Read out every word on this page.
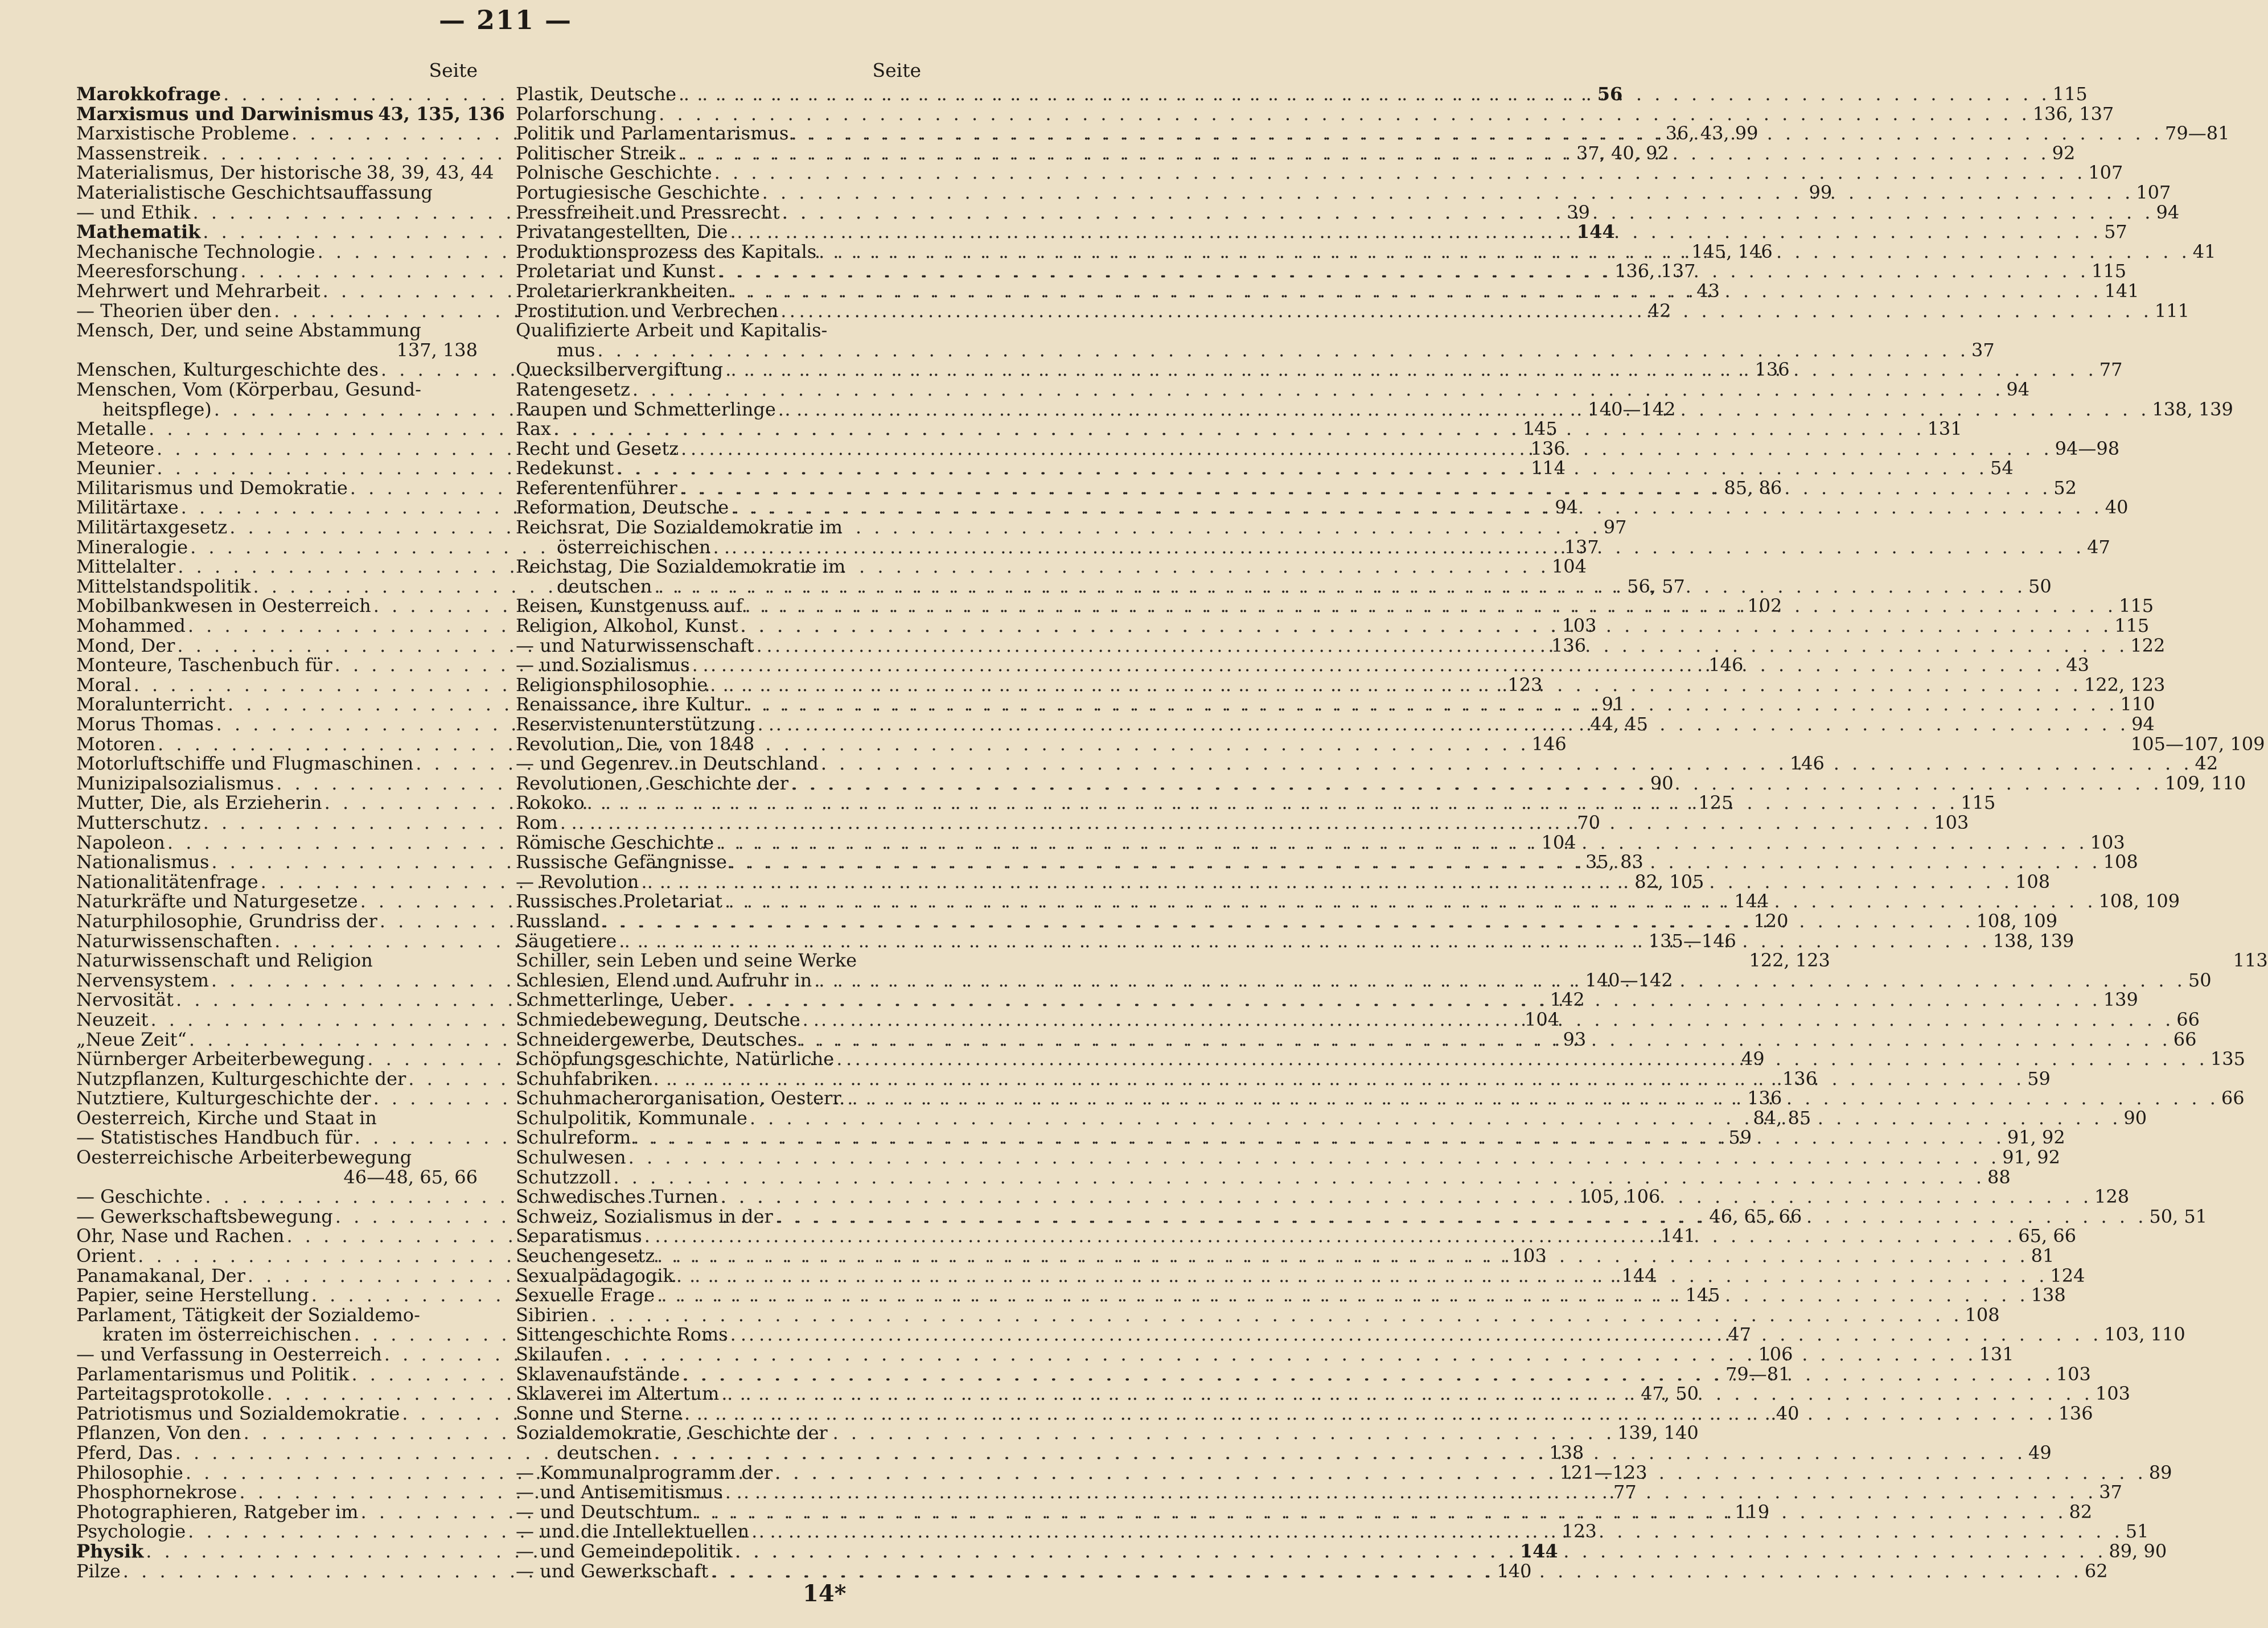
— 211 —
Seite
Marokkofrage . . .	56
Marxismus und Darwinismus 43, 135, 136
Marxistische Probleme . . .	36, 43, 99
Massenstreik . . .	37, 40, 92
Materialismus, Der historische 38, 39, 43, 44
Materialistische Geschichtsauffassung	99
— und Ethik . . .	39
Mathematik . . .	144
Mechanische Technologie . . .	145, 146
Meeresforschung . . .	136, 137
Mehrwert und Mehrarbeit . . .	43
— Theorien über den . . .	42
Mensch, Der, und seine Abstammung
137, 138
Menschen, Kulturgeschichte des . . .	136
Menschen, Vom (Körperbau, Gesund-
heitspflege) . . .	140—142
Metalle . . .	145
Meteore . . .	136
Meunier . . .	114
Militarismus und Demokratie . . .	85, 86
Militärtaxe . . .	94
Militärtaxgesetz . . .	97
Mineralogie . . .	137
Mittelalter . . .	104
Mittelstandspolitik . . .	56, 57
Mobilbankwesen in Oesterreich . . .	102
Mohammed . . .	103
Mond, Der . . .	136
Monteure, Taschenbuch für . . .	146
Moral . . .	123
Moralunterricht . . .	91
Morus Thomas . . .	44, 45
Motoren . . .	146
Motorluftschiffe und Flugmaschinen . . .	146
Munizipalsozialismus . . .	90
Mutter, Die, als Erzieherin . . .	125
Mutterschutz . . .	70
Napoleon . . .	104
Nationalismus . . .	35, 83
Nationalitätenfrage . . .	82, 105
Naturkräfte und Naturgesetze . . .	144
Naturphilosophie, Grundriss der . . .	120
Naturwissenschaften . . .	135—146
Naturwissenschaft und Religion	122, 123
Nervensystem . . .	140—142
Nervosität . . .	142
Neuzeit . . .	104
„Neue Zeit“ . . .	93
Nürnberger Arbeiterbewegung . . .	49
Nutzpflanzen, Kulturgeschichte der . . .	136
Nutztiere, Kulturgeschichte der . . .	136
Oesterreich, Kirche und Staat in	84, 85
— Statistisches Handbuch für . . .	59
Oesterreichische Arbeiterbewegung
46—48, 65, 66
— Geschichte . . .	105, 106
— Gewerkschaftsbewegung . . .	46, 65, 66
Ohr, Nase und Rachen . . .	141
Orient . . .	103
Panamakanal, Der . . .	144
Papier, seine Herstellung . . .	145
Parlament, Tätigkeit der Sozialdemo-
kraten im österreichischen . . .	47
— und Verfassung in Oesterreich . . .	106
Parlamentarismus und Politik . . .	79—81
Parteitagsprotokolle . . .	47, 50
Patriotismus und Sozialdemokratie . . .	40
Pflanzen, Von den . . .	139, 140
Pferd, Das . . .	138
Philosophie . . .	121—123
Phosphornekrose . . .	77
Photographieren, Ratgeber im . . .	119
Psychologie . . .	123
Physik . . .	144
Pilze . . .	140
Seite
Plastik, Deutsche . . .	115
Polarforschung . . .	136, 137
Politik und Parlamentarismus . . .	79—81
Politischer Streik . . .	92
Polnische Geschichte . . .	107
Portugiesische Geschichte . . .	107
Pressfreiheit und Pressrecht . . .	94
Privatangestellten, Die . . .	57
Produktionsprozess des Kapitals . . .	41
Proletariat und Kunst . . .	115
Proletarierkrankheiten . . .	141
Prostitution und Verbrechen . . .	111
Qualifizierte Arbeit und Kapitalis-
mus . . .	37
Quecksilbervergiftung . . .	77
Ratengesetz . . .	94
Raupen und Schmetterlinge . . .	138, 139
Rax . . .	131
Recht und Gesetz . . .	94—98
Redekunst . . .	54
Referentenführer . . .	52
Reformation, Deutsche . . .	40
Reichsrat, Die Sozialdemokratie im
österreichischen . . .	47
Reichstag, Die Sozialdemokratie im
deutschen . . .	50
Reisen, Kunstgenuss auf . . .	115
Religion, Alkohol, Kunst . . .	115
— und Naturwissenschaft . . .	122
— und Sozialismus . . .	43
Religionsphilosophie . . .	122, 123
Renaissance, ihre Kultur . . .	110
Reservistenunterstützung . . .	94
Revolution, Die, von 1848	105—107, 109
— und Gegenrev. in Deutschland . . .	42
Revolutionen, Geschichte der . . .	109, 110
Rokoko . . .	115
Rom . . .	103
Römische Geschichte . . .	103
Russische Gefängnisse . . .	108
— Revolution . . .	108
Russisches Proletariat . . .	108, 109
Russland . . .	108, 109
Säugetiere . . .	138, 139
Schiller, sein Leben und seine Werke	113
Schlesien, Elend und Aufruhr in . . .	50
Schmetterlinge, Ueber . . .	139
Schmiedebewegung, Deutsche . . .	66
Schneidergewerbe, Deutsches . . .	66
Schöpfungsgeschichte, Natürliche . . .	135
Schuhfabriken . . .	59
Schuhmacherorganisation, Oesterr. . . .	66
Schulpolitik, Kommunale . . .	90
Schulreform . . .	91, 92
Schulwesen . . .	91, 92
Schutzzoll . . .	88
Schwedisches Turnen . . .	128
Schweiz, Sozialismus in der . . .	50, 51
Separatismus . . .	65, 66
Seuchengesetz . . .	81
Sexualpädagogik . . .	124
Sexuelle Frage . . .	138
Sibirien . . .	108
Sittengeschichte Roms . . .	103, 110
Skilaufen . . .	131
Sklavenaufstände . . .	103
Sklaverei im Altertum . . .	103
Sonne und Sterne . . .	136
Sozialdemokratie, Geschichte der
deutschen . . .	49
— Kommunalprogramm der . . .	89
— und Antisemitismus . . .	37
— und Deutschtum . . .	82
— und die Intellektuellen . . .	51
— und Gemeindepolitik . . .	89, 90
— und Gewerkschaft . . .	62
14*
